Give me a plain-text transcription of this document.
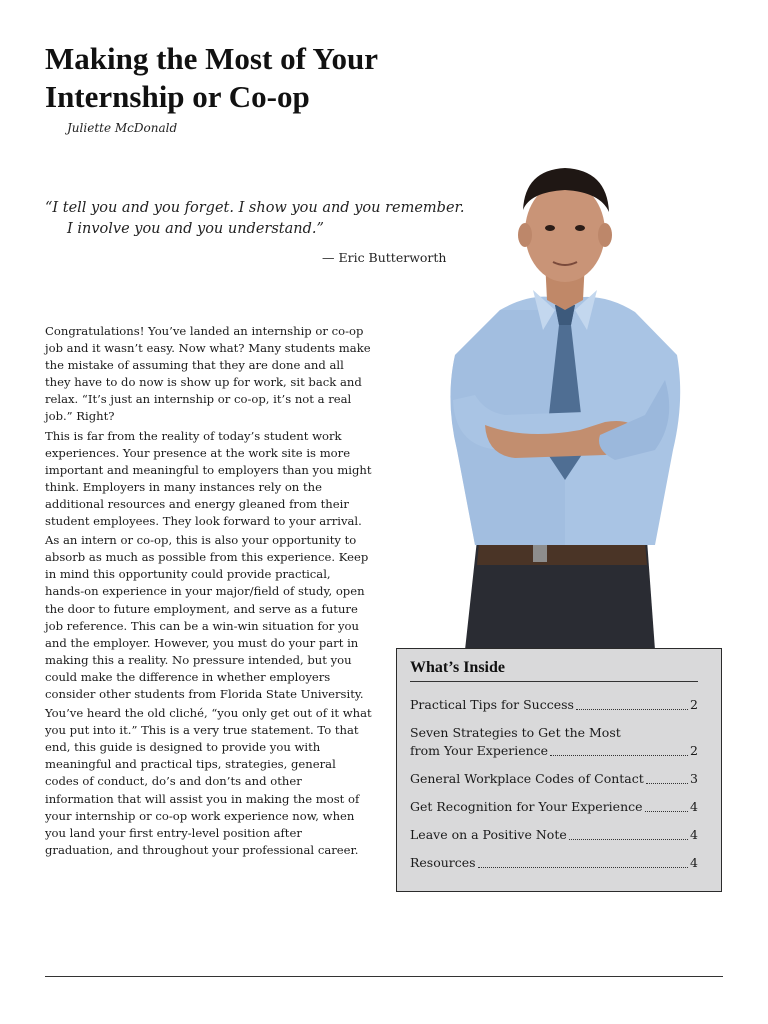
Making the Most of Your
Internship or Co-op
Juliette McDonald
“I tell you and you forget. I show you and you remember.
I involve you and you understand.”
— Eric Butterworth

Congratulations! You’ve landed an internship or co-op job and it wasn’t easy. Now what? Many students make the mistake of assuming that they are done and all they have to do now is show up for work, sit back and relax. “It’s just an internship or co-op, it’s not a real job.” Right?

This is far from the reality of today’s student work experiences. Your presence at the work site is more important and meaningful to employers than you might think. Employers in many instances rely on the additional resources and energy gleaned from their student employees. They look forward to your arrival.

As an intern or co-op, this is also your opportunity to absorb as much as possible from this experience. Keep in mind this opportunity could provide practical, hands-on experience in your major/field of study, open the door to future employment, and serve as a future job reference. This can be a win-win situation for you and the employer. However, you must do your part in making this a reality. No pressure intended, but you could make the difference in whether employers consider other students from Florida State University.

You’ve heard the old cliché, “you only get out of it what you put into it.” This is a very true statement. To that end, this guide is designed to provide you with meaningful and practical tips, strategies, general codes of conduct, do’s and don’ts and other information that will assist you in making the most of your internship or co-op work experience now, when you land your first entry-level position after graduation, and throughout your professional career.

What’s Inside
Practical Tips for Success	2
Seven Strategies to Get the Most
from Your Experience	2
General Workplace Codes of Contact	3
Get Recognition for Your Experience	4
Leave on a Positive Note	4
Resources	4
